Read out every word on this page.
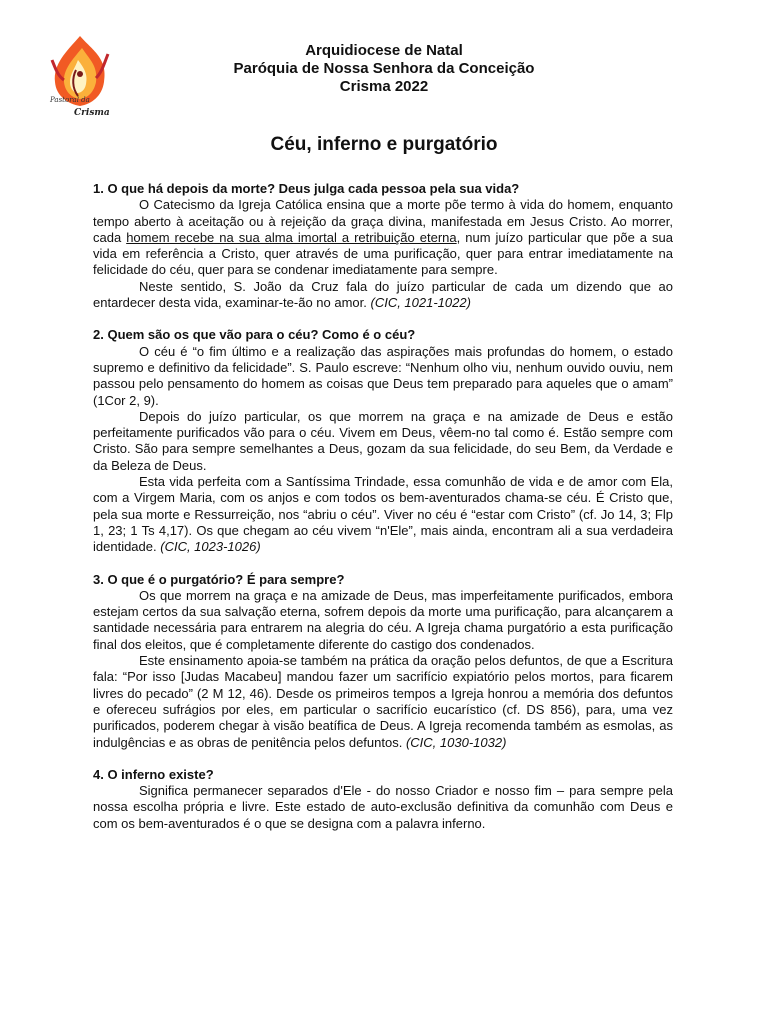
Pastoral da
Crisma
Arquidiocese de Natal
Paróquia de Nossa Senhora da Conceição
Crisma 2022
Céu, inferno e purgatório
1. O que há depois da morte? Deus julga cada pessoa pela sua vida?

O Catecismo da Igreja Católica ensina que a morte põe termo à vida do homem, enquanto tempo aberto à aceitação ou à rejeição da graça divina, manifestada em Jesus Cristo. Ao morrer, cada homem recebe na sua alma imortal a retribuição eterna, num juízo particular que põe a sua vida em referência a Cristo, quer através de uma purificação, quer para entrar imediatamente na felicidade do céu, quer para se condenar imediatamente para sempre.

Neste sentido, S. João da Cruz fala do juízo particular de cada um dizendo que ao entardecer desta vida, examinar-te-ão no amor. (CIC, 1021-1022)

2. Quem são os que vão para o céu? Como é o céu?

O céu é “o fim último e a realização das aspirações mais profundas do homem, o estado supremo e definitivo da felicidade”. S. Paulo escreve: “Nenhum olho viu, nenhum ouvido ouviu, nem passou pelo pensamento do homem as coisas que Deus tem preparado para aqueles que o amam” (1Cor 2, 9).

Depois do juízo particular, os que morrem na graça e na amizade de Deus e estão perfeitamente purificados vão para o céu. Vivem em Deus, vêem-no tal como é. Estão sempre com Cristo. São para sempre semelhantes a Deus, gozam da sua felicidade, do seu Bem, da Verdade e da Beleza de Deus.

Esta vida perfeita com a Santíssima Trindade, essa comunhão de vida e de amor com Ela, com a Virgem Maria, com os anjos e com todos os bem-aventurados chama-se céu. É Cristo que, pela sua morte e Ressurreição, nos “abriu o céu”. Viver no céu é “estar com Cristo” (cf. Jo 14, 3; Flp 1, 23; 1 Ts 4,17). Os que chegam ao céu vivem “n'Ele”, mais ainda, encontram ali a sua verdadeira identidade. (CIC, 1023-1026)

3. O que é o purgatório? É para sempre?

Os que morrem na graça e na amizade de Deus, mas imperfeitamente purificados, embora estejam certos da sua salvação eterna, sofrem depois da morte uma purificação, para alcançarem a santidade necessária para entrarem na alegria do céu. A Igreja chama purgatório a esta purificação final dos eleitos, que é completamente diferente do castigo dos condenados.

Este ensinamento apoia-se também na prática da oração pelos defuntos, de que a Escritura fala: “Por isso [Judas Macabeu] mandou fazer um sacrifício expiatório pelos mortos, para ficarem livres do pecado” (2 M 12, 46). Desde os primeiros tempos a Igreja honrou a memória dos defuntos e ofereceu sufrágios por eles, em particular o sacrifício eucarístico (cf. DS 856), para, uma vez purificados, poderem chegar à visão beatífica de Deus. A Igreja recomenda também as esmolas, as indulgências e as obras de penitência pelos defuntos. (CIC, 1030-1032)

4. O inferno existe?

Significa permanecer separados d'Ele - do nosso Criador e nosso fim – para sempre pela nossa escolha própria e livre. Este estado de auto-exclusão definitiva da comunhão com Deus e com os bem-aventurados é o que se designa com a palavra inferno.
